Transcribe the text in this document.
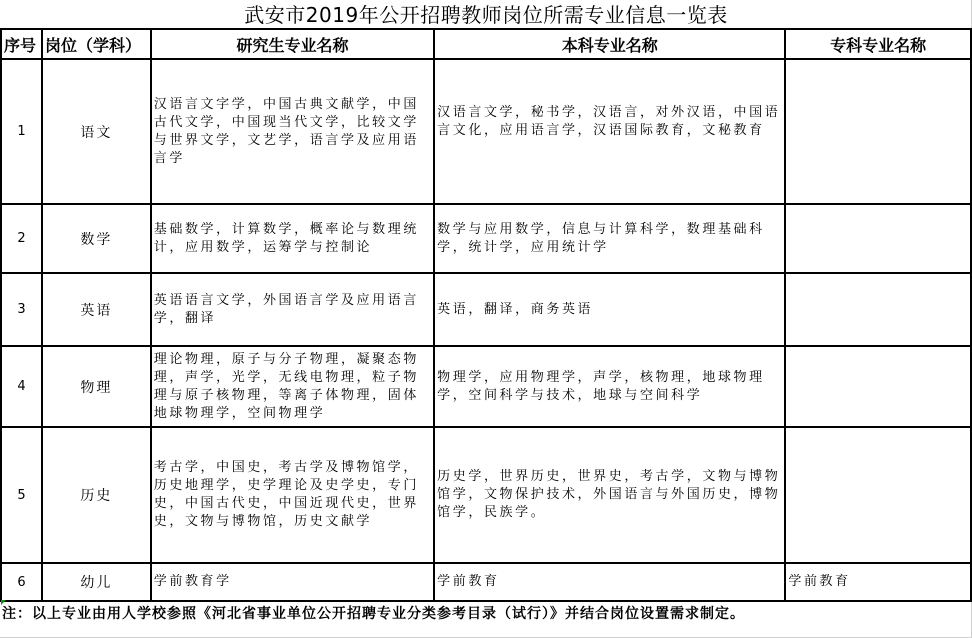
武安市2019年公开招聘教师岗位所需专业信息一览表
序号	岗位（学科）	研究生专业名称	本科专业名称	专科专业名称
1	语文	汉语言文字学，中国古典文献学，中国古代文学，中国现当代文学，比较文学与世界文学，文艺学，语言学及应用语言学	汉语言文学，秘书学，汉语言，对外汉语，中国语言文化，应用语言学，汉语国际教育，文秘教育	
2	数学	基础数学，计算数学，概率论与数理统计，应用数学，运筹学与控制论	数学与应用数学，信息与计算科学，数理基础科学，统计学，应用统计学	
3	英语	英语语言文学，外国语言学及应用语言学，翻译	英语，翻译，商务英语	
4	物理	理论物理，原子与分子物理，凝聚态物理，声学，光学，无线电物理，粒子物理与原子核物理，等离子体物理，固体地球物理学，空间物理学	物理学，应用物理学，声学，核物理，地球物理学，空间科学与技术，地球与空间科学	
5	历史	考古学，中国史，考古学及博物馆学，历史地理学，史学理论及史学史，专门史，中国古代史，中国近现代史，世界史，文物与博物馆，历史文献学	历史学，世界历史，世界史，考古学，文物与博物馆学，文物保护技术，外国语言与外国历史，博物馆学，民族学。	
6	幼儿	学前教育学	学前教育	学前教育
注：以上专业由用人学校参照《河北省事业单位公开招聘专业分类参考目录（试行）》并结合岗位设置需求制定。
